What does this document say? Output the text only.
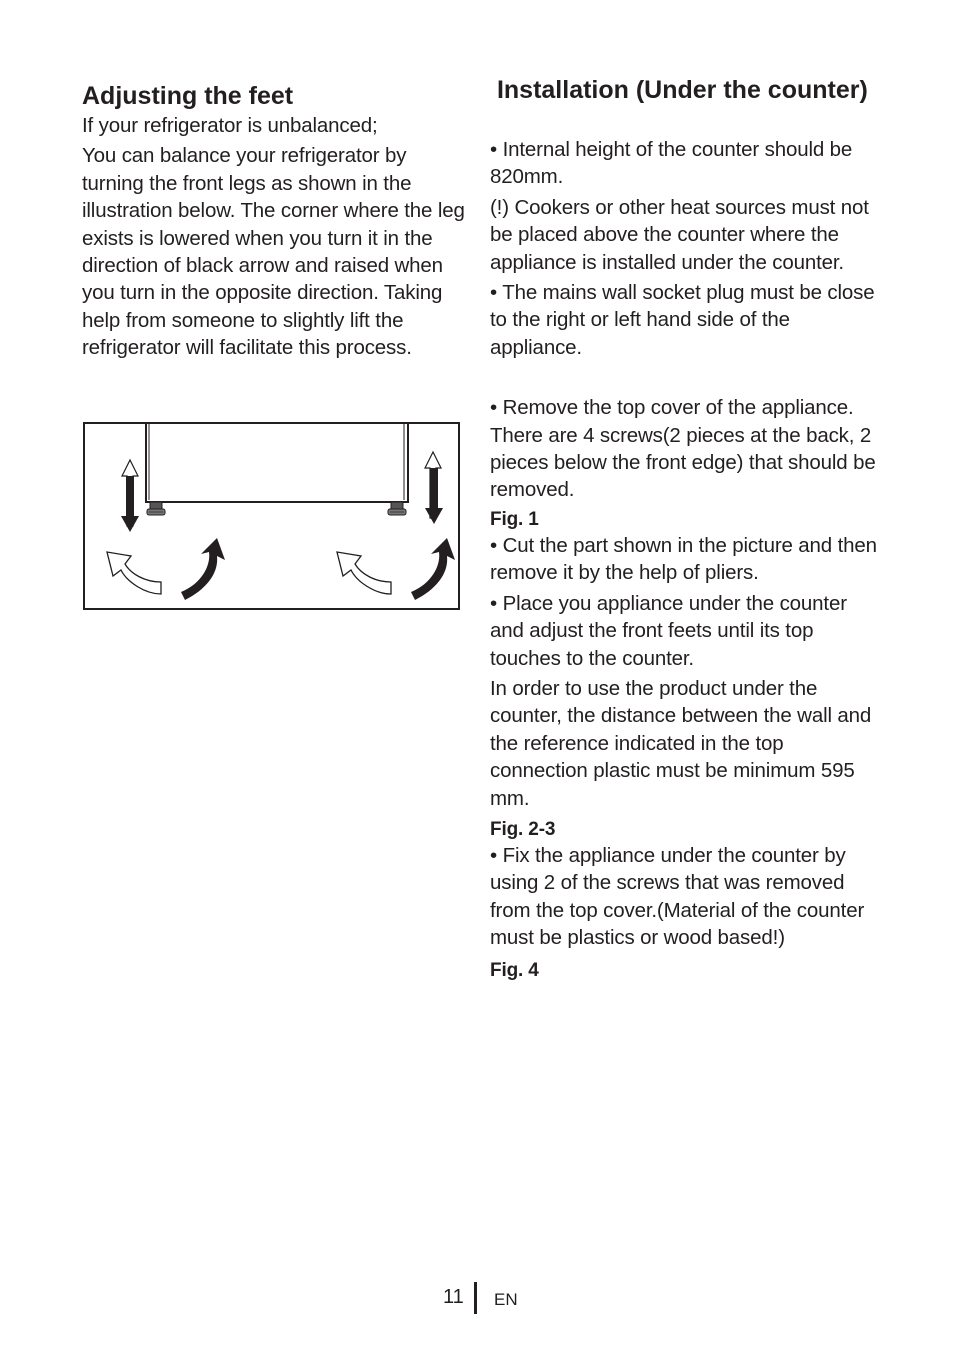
Adjusting the feet

If your refrigerator is unbalanced;

You can balance your refrigerator by turning the front legs as shown in the illustration below. The corner where the leg exists is lowered when you turn it in the direction of black arrow and raised when you turn in the opposite direction. Taking help from someone to slightly lift the refrigerator will facilitate this process.

Installation (Under the counter)

• Internal height of the counter should be 820mm.

(!) Cookers or other heat sources must not be placed above the counter where the appliance is installed under the counter.

• The mains wall socket plug must be close to the right or left hand side of the appliance.

• Remove the top cover of the appliance. There are 4 screws(2 pieces at the back, 2 pieces below the front edge) that should be removed.

Fig. 1

• Cut the part shown in the picture and then remove it by the help of pliers.

• Place you appliance under the counter and adjust the front feets until its top touches to the counter.

In order to use the product under the counter, the distance between the wall and the reference indicated in the top connection plastic must be minimum 595 mm.

Fig. 2-3

• Fix the appliance under the counter by using 2 of the screws that was removed from the top cover.(Material of the counter must be plastics or wood based!)

Fig. 4

11 EN
